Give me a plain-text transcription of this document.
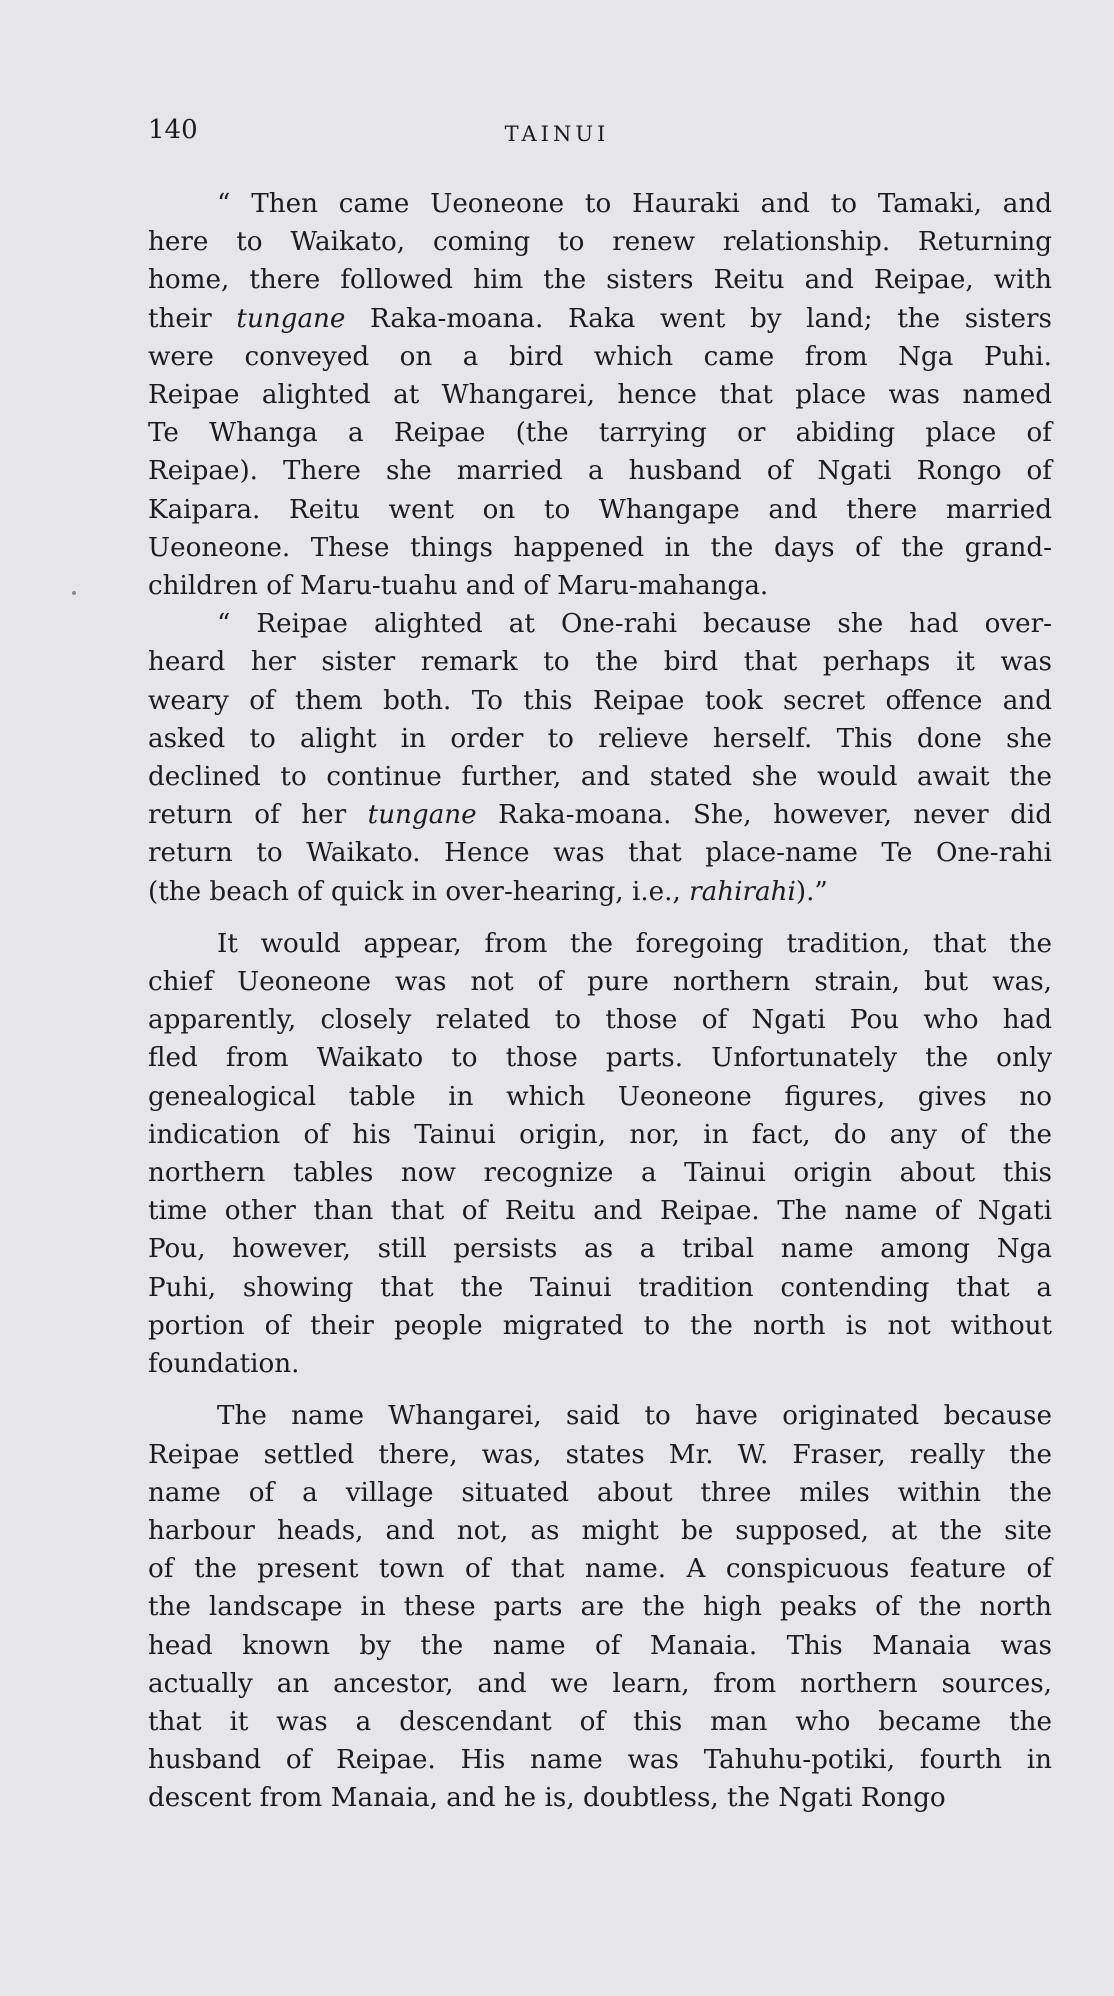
140	TAINUI
“ Then came Ueoneone to Hauraki and to Tamaki, and
here to Waikato, coming to renew relationship. Returning
home, there followed him the sisters Reitu and Reipae, with
their tungane Raka-moana. Raka went by land; the sisters
were conveyed on a bird which came from Nga Puhi.
Reipae alighted at Whangarei, hence that place was named
Te Whanga a Reipae (the tarrying or abiding place of
Reipae). There she married a husband of Ngati Rongo of
Kaipara. Reitu went on to Whangape and there married
Ueoneone. These things happened in the days of the grand-
children of Maru-tuahu and of Maru-mahanga.
“ Reipae alighted at One-rahi because she had over-
heard her sister remark to the bird that perhaps it was
weary of them both. To this Reipae took secret offence and
asked to alight in order to relieve herself. This done she
declined to continue further, and stated she would await the
return of her tungane Raka-moana. She, however, never did
return to Waikato. Hence was that place-name Te One-rahi
(the beach of quick in over-hearing, i.e., rahirahi).”
It would appear, from the foregoing tradition, that the
chief Ueoneone was not of pure northern strain, but was,
apparently, closely related to those of Ngati Pou who had
fled from Waikato to those parts. Unfortunately the only
genealogical table in which Ueoneone figures, gives no
indication of his Tainui origin, nor, in fact, do any of the
northern tables now recognize a Tainui origin about this
time other than that of Reitu and Reipae. The name of Ngati
Pou, however, still persists as a tribal name among Nga
Puhi, showing that the Tainui tradition contending that a
portion of their people migrated to the north is not without
foundation.
The name Whangarei, said to have originated because
Reipae settled there, was, states Mr. W. Fraser, really the
name of a village situated about three miles within the
harbour heads, and not, as might be supposed, at the site
of the present town of that name. A conspicuous feature of
the landscape in these parts are the high peaks of the north
head known by the name of Manaia. This Manaia was
actually an ancestor, and we learn, from northern sources,
that it was a descendant of this man who became the
husband of Reipae. His name was Tahuhu-potiki, fourth in
descent from Manaia, and he is, doubtless, the Ngati Rongo
